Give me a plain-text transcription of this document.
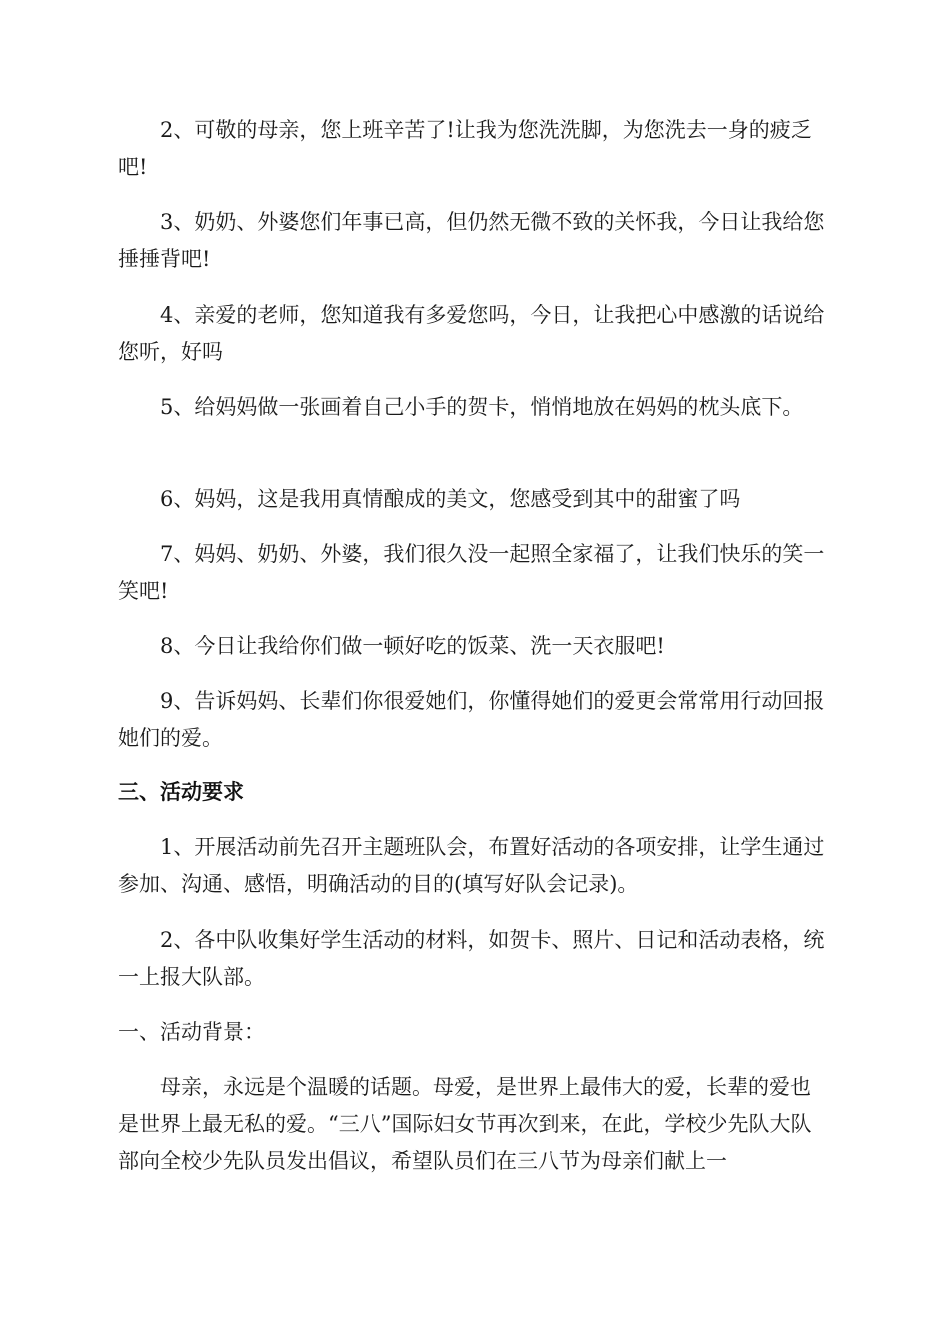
2、可敬的母亲，您上班辛苦了!让我为您洗洗脚，为您洗去一身的疲乏吧!

3、奶奶、外婆您们年事已高，但仍然无微不致的关怀我，今日让我给您捶捶背吧!

4、亲爱的老师，您知道我有多爱您吗，今日，让我把心中感激的话说给您听，好吗

5、给妈妈做一张画着自己小手的贺卡，悄悄地放在妈妈的枕头底下。

6、妈妈，这是我用真情酿成的美文，您感受到其中的甜蜜了吗

7、妈妈、奶奶、外婆，我们很久没一起照全家福了，让我们快乐的笑一笑吧!

8、今日让我给你们做一顿好吃的饭菜、洗一天衣服吧!

9、告诉妈妈、长辈们你很爱她们，你懂得她们的爱更会常常用行动回报她们的爱。

三、活动要求

1、开展活动前先召开主题班队会，布置好活动的各项安排，让学生通过参加、沟通、感悟，明确活动的目的(填写好队会记录)。

2、各中队收集好学生活动的材料，如贺卡、照片、日记和活动表格，统一上报大队部。

一、活动背景：

母亲，永远是个温暖的话题。母爱，是世界上最伟大的爱，长辈的爱也是世界上最无私的爱。“三八”国际妇女节再次到来，在此，学校少先队大队部向全校少先队员发出倡议，希望队员们在三八节为母亲们献上一
